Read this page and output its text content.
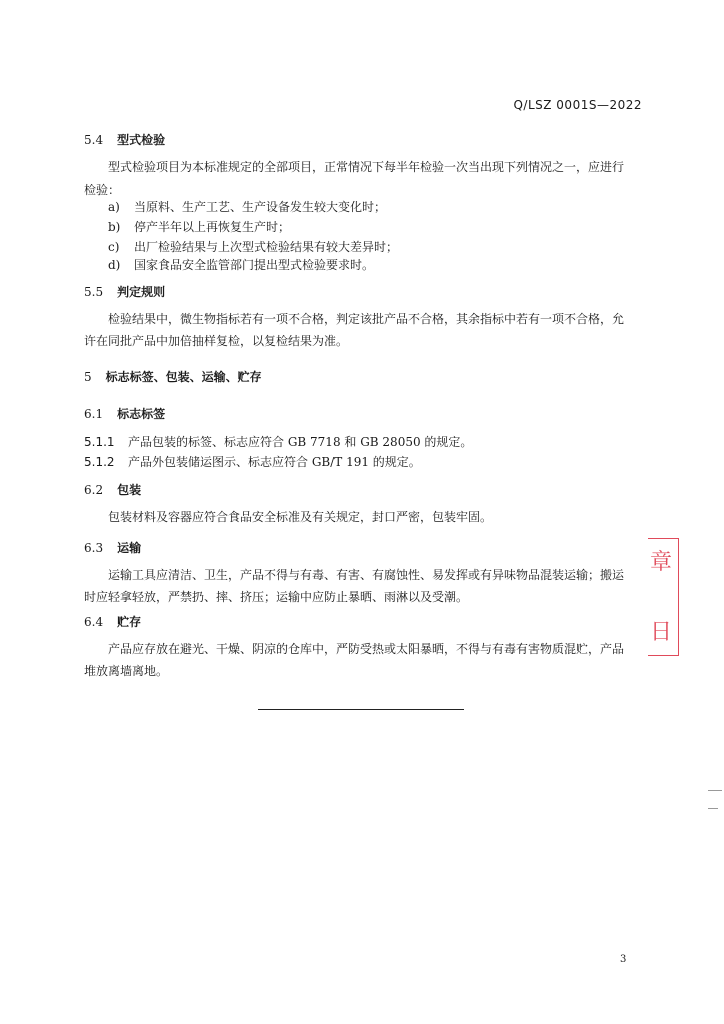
Q/LSZ 0001S—2022
5.4 型式检验
型式检验项目为本标准规定的全部项目，正常情况下每半年检验一次当出现下列情况之一，应进行
检验：
a) 当原料、生产工艺、生产设备发生较大变化时；
b) 停产半年以上再恢复生产时；
c) 出厂检验结果与上次型式检验结果有较大差异时；
d) 国家食品安全监管部门提出型式检验要求时。
5.5 判定规则
检验结果中，微生物指标若有一项不合格，判定该批产品不合格，其余指标中若有一项不合格，允
许在同批产品中加倍抽样复检，以复检结果为准。
5 标志标签、包装、运输、贮存
6.1 标志标签
5.1.1 产品包装的标签、标志应符合 GB 7718 和 GB 28050 的规定。
5.1.2 产品外包装储运图示、标志应符合 GB/T 191 的规定。
6.2 包装
包装材料及容器应符合食品安全标准及有关规定，封口严密，包装牢固。
6.3 运输
运输工具应清洁、卫生，产品不得与有毒、有害、有腐蚀性、易发挥或有异味物品混装运输；搬运
时应轻拿轻放，严禁扔、摔、挤压；运输中应防止暴晒、雨淋以及受潮。
6.4 贮存
产品应存放在避光、干燥、阴凉的仓库中，严防受热或太阳暴晒，不得与有毒有害物质混贮，产品
堆放离墙离地。
3
章
日
